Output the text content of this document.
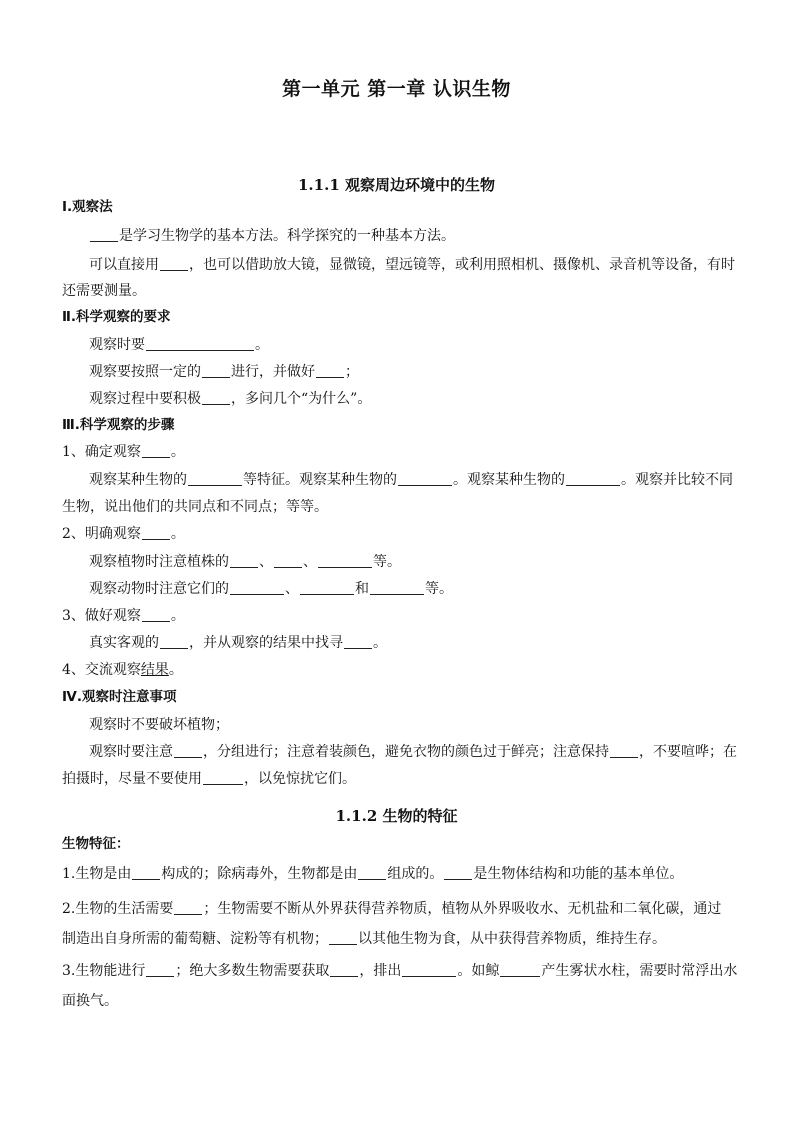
第一单元 第一章 认识生物
1.1.1 观察周边环境中的生物
Ⅰ.观察法
是学习生物学的基本方法。科学探究的一种基本方法。
可以直接用 ，也可以借助放大镜，显微镜，望远镜等，或利用照相机、摄像机、录音机等设备，有时
还需要测量。
Ⅱ.科学观察的要求
观察时要	。
观察要按照一定的 进行，并做好 ；
观察过程中要积极 ，多问几个“为什么”。
Ⅲ.科学观察的步骤
1、确定观察 。
观察某种生物的	等特征。观察某种生物的	。观察某种生物的	。观察并比较不同
生物，说出他们的共同点和不同点；等等。
2、明确观察 。
观察植物时注意植株的 、 、	等。
观察动物时注意它们的	、	和	等。
3、做好观察 。
真实客观的 ，并从观察的结果中找寻 。
4、交流观察结果。
Ⅳ.观察时注意事项
观察时不要破坏植物；
观察时要注意 ，分组进行；注意着装颜色，避免衣物的颜色过于鲜亮；注意保持 ，不要喧哗；在
拍摄时，尽量不要使用	，以免惊扰它们。
1.1.2 生物的特征
生物特征：
1.生物是由 构成的；除病毒外，生物都是由 组成的。 是生物体结构和功能的基本单位。
2.生物的生活需要 ；生物需要不断从外界获得营养物质，植物从外界吸收水、无机盐和二氧化碳，通过
制造出自身所需的葡萄糖、淀粉等有机物； 以其他生物为食，从中获得营养物质，维持生存。
3.生物能进行 ；绝大多数生物需要获取 ，排出	。如鲸	产生雾状水柱，需要时常浮出水
面换气。
